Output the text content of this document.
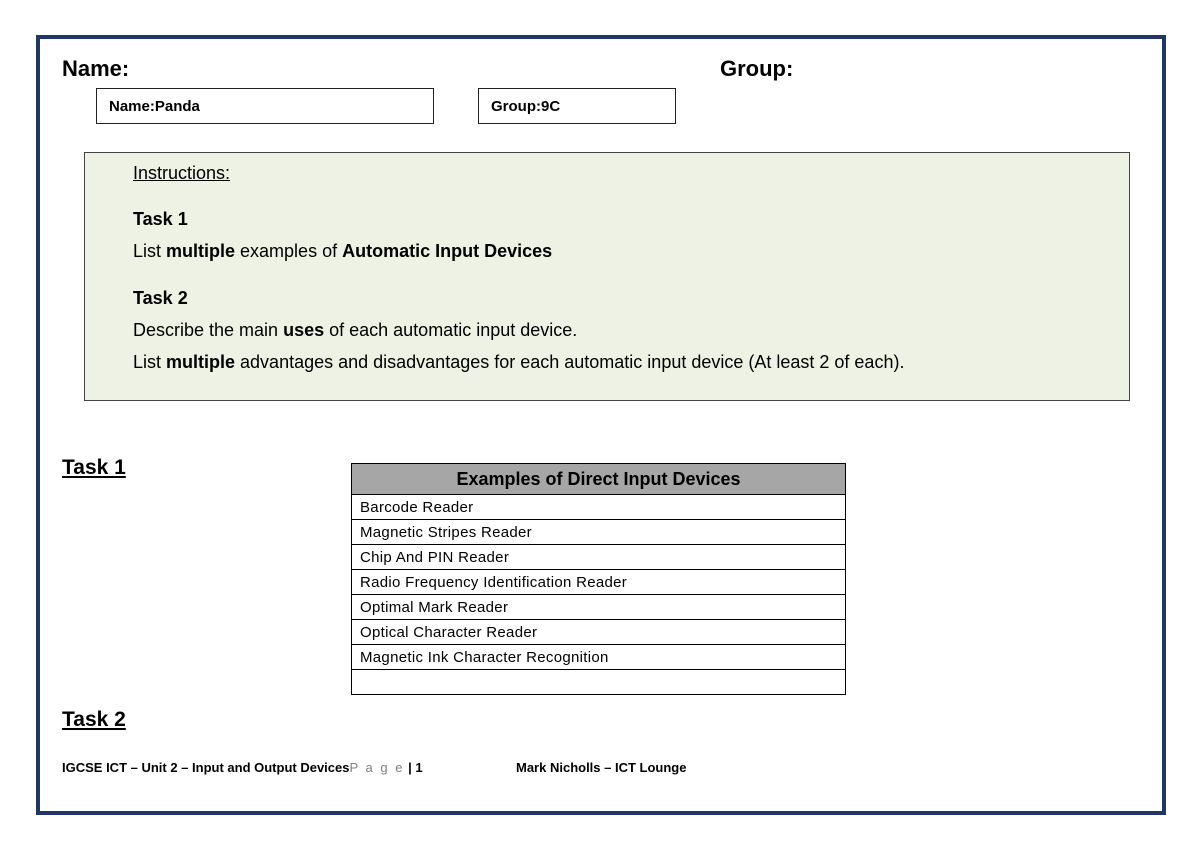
Name:	Group:
Name:Panda	Group:9C
Instructions:
Task 1
List multiple examples of Automatic Input Devices
Task 2
Describe the main uses of each automatic input device.
List multiple advantages and disadvantages for each automatic input device (At least 2 of each).
Task 1	Examples of Direct Input Devices
Barcode Reader
Magnetic Stripes Reader
Chip And PIN Reader
Radio Frequency Identification Reader
Optimal Mark Reader
Optical Character Reader
Magnetic Ink Character Recognition

Task 2
IGCSE ICT – Unit 2 – Input and Output DevicesP a g e | 1	Mark Nicholls – ICT Lounge
